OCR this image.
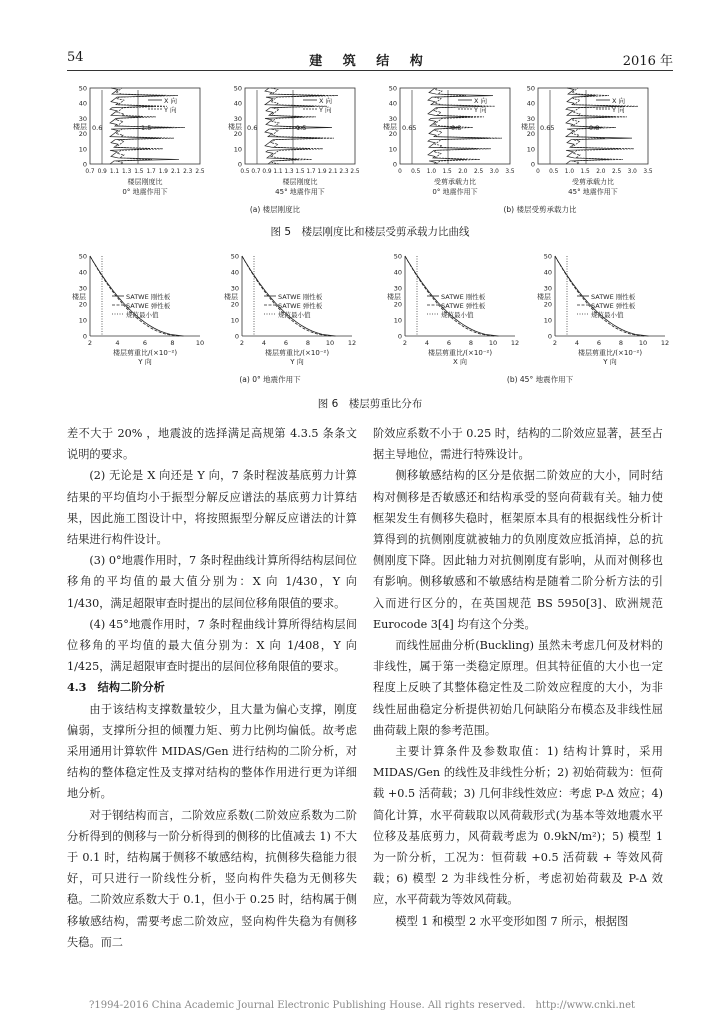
54	建 筑 结 构	2016 年
0
10
20
30
40
50
楼层
0.7 0.9 1.1 1.3 1.5 1.7 1.9 2.1 2.3 2.5
楼层刚度比
0° 地震作用下
0.6	1.5
X 向
Y 向
0
10
20
30
40
50
楼层
0.5 0.7 0.9 1.1 1.3 1.5 1.7 1.9 2.1 2.3 2.5
楼层刚度比
45° 地震作用下
0.6	1.5
X 向
Y 向
0
10
20
30
40
50
楼层
0 0.5 1.0 1.5 2.0 2.5 3.0 3.5
受剪承载力比
0° 地震作用下
0.65	0.8
X 向
Y 向
0
10
20
30
40
50
楼层
0 0.5 1.0 1.5 2.0 2.5 3.0 3.5
受剪承载力比
45° 地震作用下
0.65	0.8
X 向
Y 向
(a) 楼层刚度比	(b) 楼层受剪承载力比
图 5　楼层刚度比和楼层受剪承载力比曲线
0
10
20
30
40
50
楼层
2	4	6	8	10
楼层剪重比/(×10⁻²)
Y 向
SATWE 刚性板
SATWE 弹性板
规范最小值
0
10
20
30
40
50
楼层
2	4	6	8 10 12
楼层剪重比/(×10⁻²)
Y 向
SATWE 刚性板
SATWE 弹性板
规范最小值
0
10
20
30
40
50
楼层
2	4	6	8 10 12
楼层剪重比/(×10⁻²)
X 向
SATWE 刚性板
SATWE 弹性板
规范最小值
0
10
20
30
40
50
楼层
2	4	6	8 10 12
楼层剪重比/(×10⁻²)
Y 向
SATWE 刚性板
SATWE 弹性板
规范最小值
(a) 0° 地震作用下	(b) 45° 地震作用下
图 6　楼层剪重比分布

差不大于 20% ，地震波的选择满足高规第 4.3.5 条条文说明的要求。

(2) 无论是 X 向还是 Y 向，7 条时程波基底剪力计算结果的平均值均小于振型分解反应谱法的基底剪力计算结果，因此施工图设计中，将按照振型分解反应谱法的计算结果进行构件设计。

(3) 0°地震作用时，7 条时程曲线计算所得结构层间位移角的平均值的最大值分别为：X 向 1/430，Y 向 1/430，满足超限审查时提出的层间位移角限值的要求。

(4) 45°地震作用时，7 条时程曲线计算所得结构层间位移角的平均值的最大值分别为：X 向 1/408，Y 向 1/425，满足超限审查时提出的层间位移角限值的要求。

4.3　结构二阶分析

由于该结构支撑数量较少，且大量为偏心支撑，刚度偏弱，支撑所分担的倾覆力矩、剪力比例均偏低。故考虑采用通用计算软件 MIDAS/Gen 进行结构的二阶分析，对结构的整体稳定性及支撑对结构的整体作用进行更为详细地分析。

对于钢结构而言，二阶效应系数(二阶效应系数为二阶分析得到的侧移与一阶分析得到的侧移的比值减去 1) 不大于 0.1 时，结构属于侧移不敏感结构，抗侧移失稳能力很好，可只进行一阶线性分析，竖向构件失稳为无侧移失稳。二阶效应系数大于 0.1，但小于 0.25 时，结构属于侧移敏感结构，需要考虑二阶效应，竖向构件失稳为有侧移失稳。而二

阶效应系数不小于 0.25 时，结构的二阶效应显著，甚至占据主导地位，需进行特殊设计。

侧移敏感结构的区分是依据二阶效应的大小，同时结构对侧移是否敏感还和结构承受的竖向荷载有关。轴力使框架发生有侧移失稳时，框架原本具有的根据线性分析计算得到的抗侧刚度就被轴力的负刚度效应抵消掉，总的抗侧刚度下降。因此轴力对抗侧刚度有影响，从而对侧移也有影响。侧移敏感和不敏感结构是随着二阶分析方法的引入而进行区分的，在英国规范 BS 5950[3]、欧洲规范 Eurocode 3[4] 均有这个分类。

而线性屈曲分析(Buckling) 虽然未考虑几何及材料的非线性，属于第一类稳定原理。但其特征值的大小也一定程度上反映了其整体稳定性及二阶效应程度的大小，为非线性屈曲稳定分析提供初始几何缺陷分布模态及非线性屈曲荷载上限的参考范围。

主要计算条件及参数取值：1) 结构计算时，采用 MIDAS/Gen 的线性及非线性分析；2) 初始荷载为：恒荷载 +0.5 活荷载；3) 几何非线性效应：考虑 P-Δ 效应；4) 简化计算，水平荷载取以风荷载形式(为基本等效地震水平位移及基底剪力，风荷载考虑为 0.9kN/m²)；5) 模型 1 为一阶分析，工况为：恒荷载 +0.5 活荷载 + 等效风荷载；6) 模型 2 为非线性分析，考虑初始荷载及 P-Δ 效应，水平荷载为等效风荷载。

模型 1 和模型 2 水平变形如图 7 所示，根据图

?1994-2016 China Academic Journal Electronic Publishing House. All rights reserved.　http://www.cnki.net
